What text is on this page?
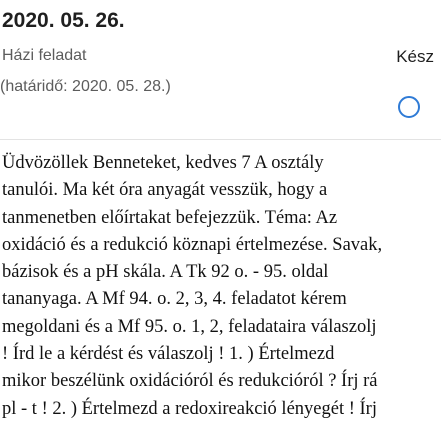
2020. 05. 26.
Házi feladat
(határidő: 2020. 05. 28.)
Kész
Üdvözöllek Benneteket, kedves 7 A osztály
tanulói. Ma két óra anyagát vesszük, hogy a
tanmenetben előírtakat befejezzük. Téma: Az
oxidáció és a redukció köznapi értelmezése. Savak,
bázisok és a pH skála. A Tk 92 o. - 95. oldal
tananyaga. A Mf 94. o. 2, 3, 4. feladatot kérem
megoldani és a Mf 95. o. 1, 2, feladataira válaszolj
! Írd le a kérdést és válaszolj ! 1. ) Értelmezd
mikor beszélünk oxidációról és redukcióról ? Írj rá
pl - t ! 2. ) Értelmezd a redoxireakció lényegét ! Írj
